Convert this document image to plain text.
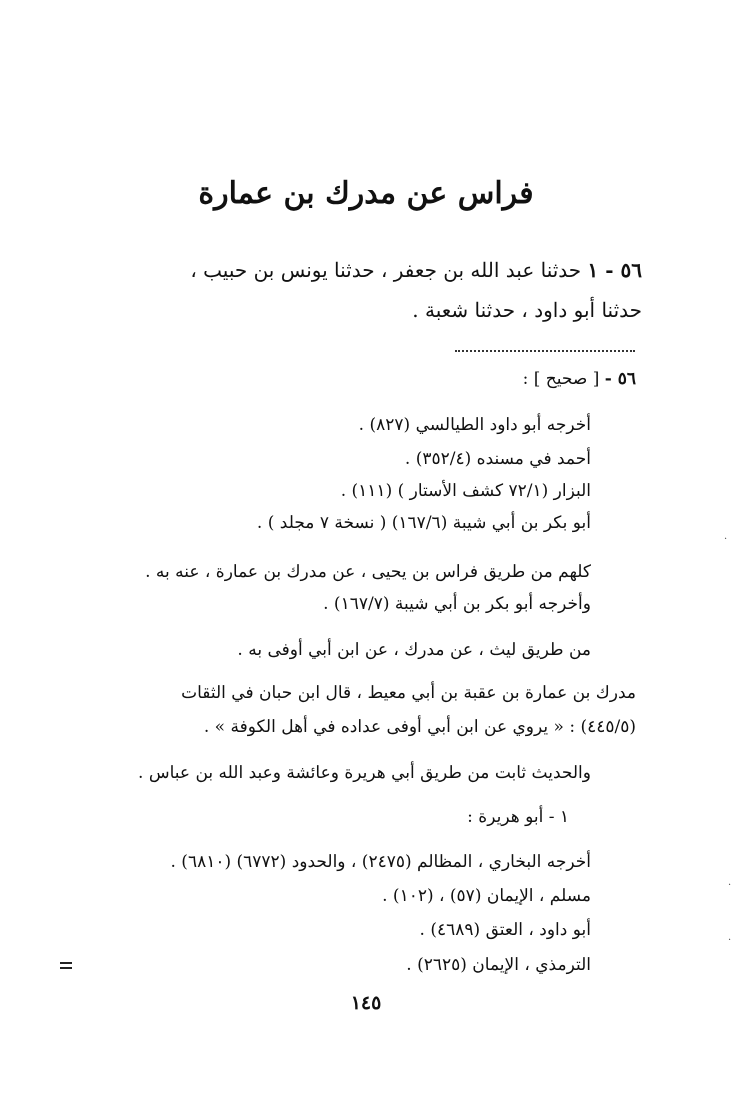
فراس عن مدرك بن عمارة
٥٦ - ١ حدثنا عبد الله بن جعفر ، حدثنا يونس بن حبيب ،
حدثنا أبو داود ، حدثنا شعبة .
٥٦ - [ صحيح ] :
أخرجه أبو داود الطيالسي (٨٢٧) .
أحمد في مسنده (٣٥٢/٤) .
البزار (٧٢/١ كشف الأستار ) (١١١) .
أبو بكر بن أبي شيبة (١٦٧/٦) ( نسخة ٧ مجلد ) .
كلهم من طريق فراس بن يحيى ، عن مدرك بن عمارة ، عنه به .
وأخرجه أبو بكر بن أبي شيبة (١٦٧/٧) .
من طريق ليث ، عن مدرك ، عن ابن أبي أوفى به .
مدرك بن عمارة بن عقبة بن أبي معيط ، قال ابن حبان في الثقات
(٤٤٥/٥) : « يروي عن ابن أبي أوفى عداده في أهل الكوفة » .
والحديث ثابت من طريق أبي هريرة وعائشة وعبد الله بن عباس .
١ - أبو هريرة :
أخرجه البخاري ، المظالم (٢٤٧٥) ، والحدود (٦٧٧٢) (٦٨١٠) .
مسلم ، الإيمان (٥٧) ، (١٠٢) .
أبو داود ، العتق (٤٦٨٩) .
الترمذي ، الإيمان (٢٦٢٥) .
١٤٥
·
·
·
